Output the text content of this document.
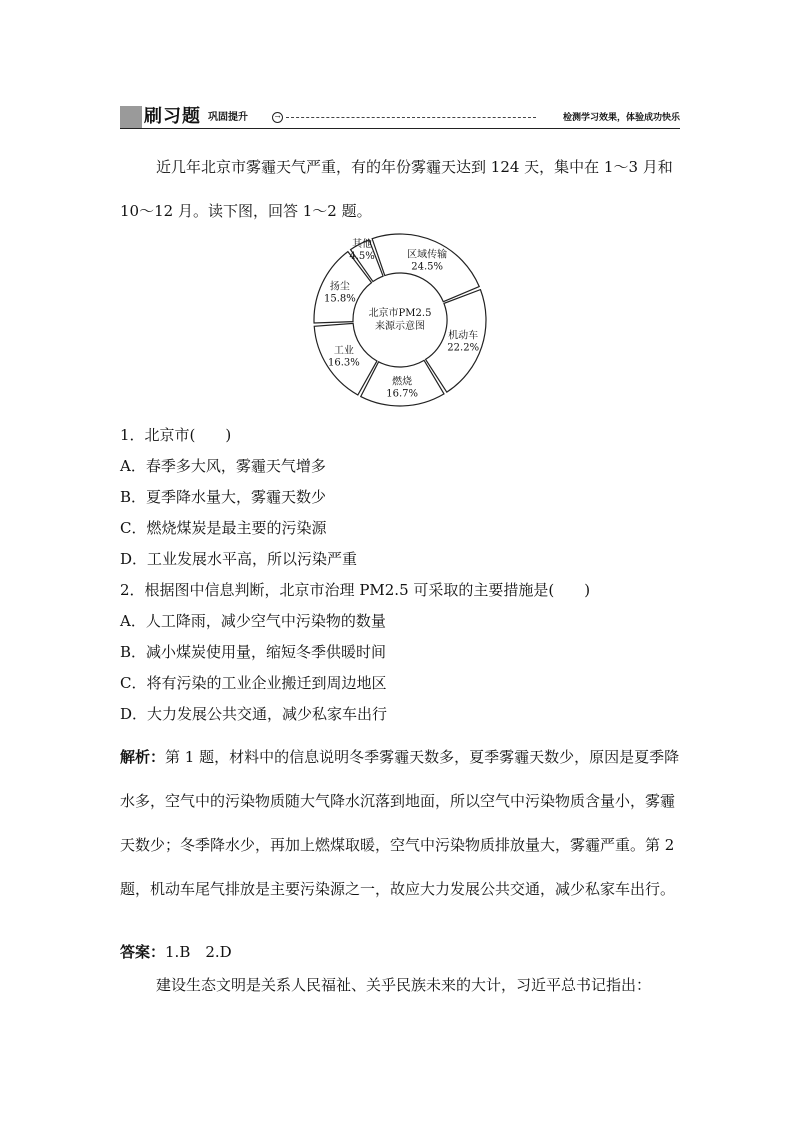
刷习题 巩固提升	→	检测学习效果，体验成功快乐
近几年北京市雾霾天气严重，有的年份雾霾天达到 124 天，集中在 1～3 月和 10～12 月。读下图，回答 1～2 题。
区域传输
24.5%
机动车
22.2%
燃烧
16.7%
工业
16.3%
扬尘
15.8%
其他
4.5%
北京市PM2.5
来源示意图
1．北京市(　　)
A．春季多大风，雾霾天气增多
B．夏季降水量大，雾霾天数少
C．燃烧煤炭是最主要的污染源
D．工业发展水平高，所以污染严重
2．根据图中信息判断，北京市治理 PM2.5 可采取的主要措施是(　　)
A．人工降雨，减少空气中污染物的数量
B．减小煤炭使用量，缩短冬季供暖时间
C．将有污染的工业企业搬迁到周边地区
D．大力发展公共交通，减少私家车出行
解析：第 1 题，材料中的信息说明冬季雾霾天数多，夏季雾霾天数少，原因是夏季降水多，空气中的污染物质随大气降水沉落到地面，所以空气中污染物质含量小，雾霾天数少；冬季降水少，再加上燃煤取暖，空气中污染物质排放量大，雾霾严重。第 2 题，机动车尾气排放是主要污染源之一，故应大力发展公共交通，减少私家车出行。
答案：1.B　2.D
建设生态文明是关系人民福祉、关乎民族未来的大计，习近平总书记指出：
